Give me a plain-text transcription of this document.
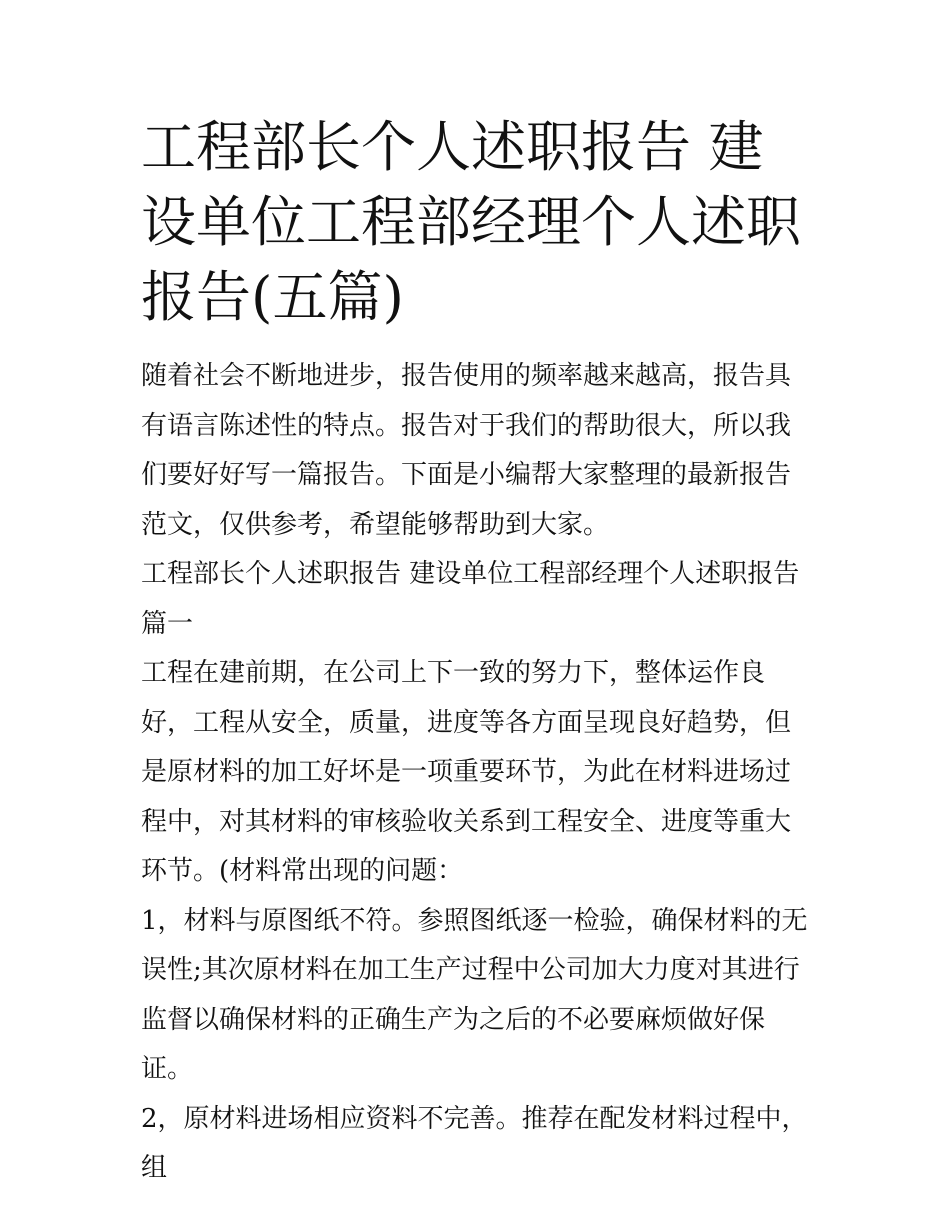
工程部长个人述职报告 建设单位工程部经理个人述职报告(五篇)

随着社会不断地进步，报告使用的频率越来越高，报告具有语言陈述性的特点。报告对于我们的帮助很大，所以我们要好好写一篇报告。下面是小编帮大家整理的最新报告范文，仅供参考，希望能够帮助到大家。

工程部长个人述职报告 建设单位工程部经理个人述职报告篇一

工程在建前期，在公司上下一致的努力下，整体运作良好，工程从安全，质量，进度等各方面呈现良好趋势，但是原材料的加工好坏是一项重要环节，为此在材料进场过程中，对其材料的审核验收关系到工程安全、进度等重大环节。(材料常出现的问题：

1，材料与原图纸不符。参照图纸逐一检验，确保材料的无误性;其次原材料在加工生产过程中公司加大力度对其进行监督以确保材料的正确生产为之后的不必要麻烦做好保证。

2，原材料进场相应资料不完善。推荐在配发材料过程中，组
